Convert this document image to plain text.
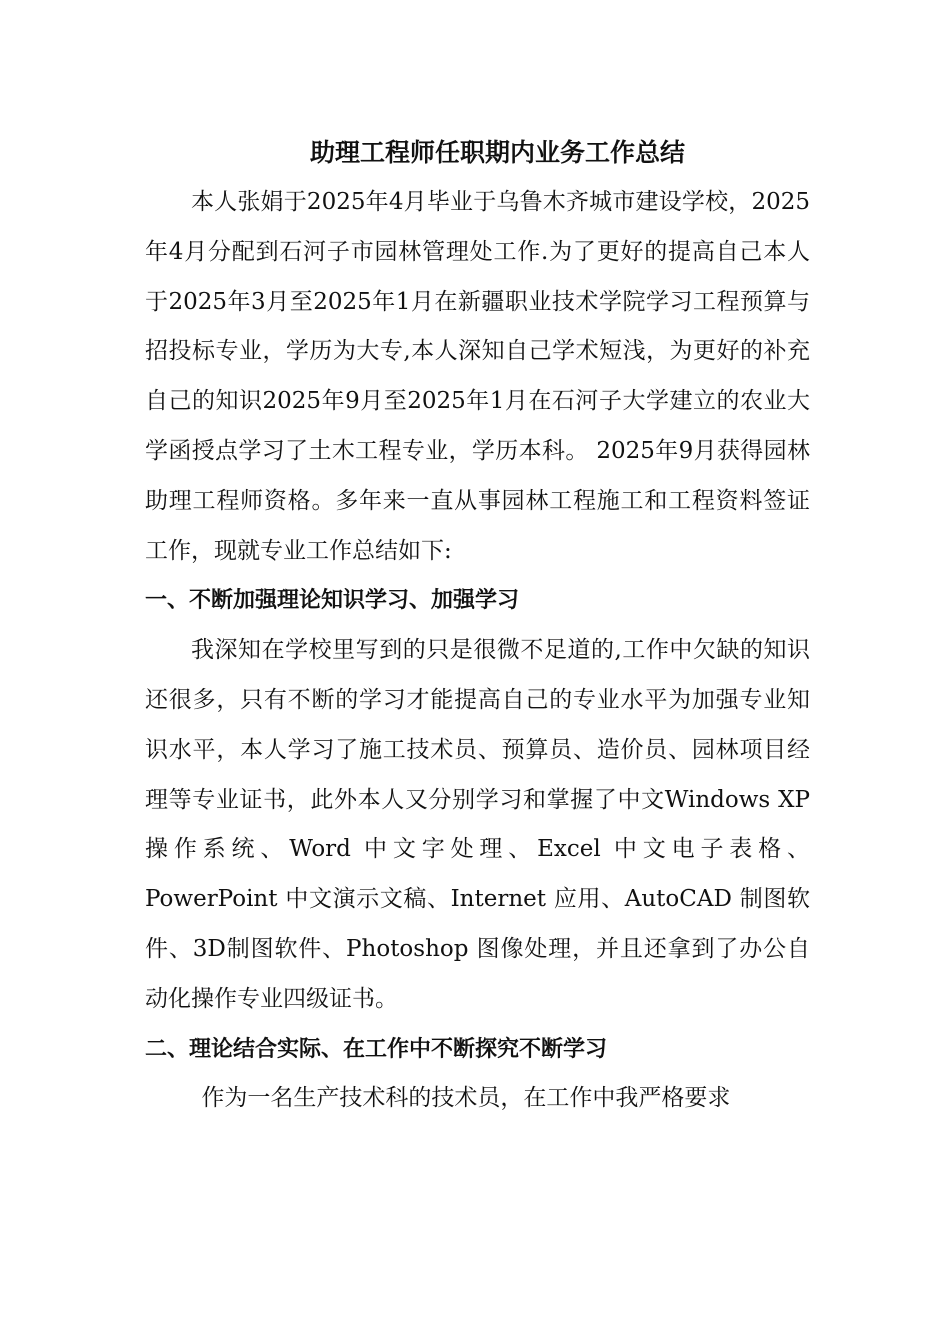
助理工程师任职期内业务工作总结

本人张娟于2025年4月毕业于乌鲁木齐城市建设学校，2025年4月分配到石河子市园林管理处工作.为了更好的提高自己本人于2025年3月至2025年1月在新疆职业技术学院学习工程预算与招投标专业，学历为大专,本人深知自己学术短浅，为更好的补充自己的知识2025年9月至2025年1月在石河子大学建立的农业大学函授点学习了土木工程专业，学历本科。 2025年9月获得园林助理工程师资格。多年来一直从事园林工程施工和工程资料签证工作，现就专业工作总结如下:

一、不断加强理论知识学习、加强学习

我深知在学校里写到的只是很微不足道的,工作中欠缺的知识还很多，只有不断的学习才能提高自己的专业水平为加强专业知识水平，本人学习了施工技术员、预算员、造价员、园林项目经理等专业证书，此外本人又分别学习和掌握了中文Windows XP操作系统、Word 中文字处理、Excel 中文电子表格、PowerPoint 中文演示文稿、Internet 应用、AutoCAD 制图软件、3D制图软件、Photoshop 图像处理，并且还拿到了办公自动化操作专业四级证书。

二、理论结合实际、在工作中不断探究不断学习

作为一名生产技术科的技术员，在工作中我严格要求
